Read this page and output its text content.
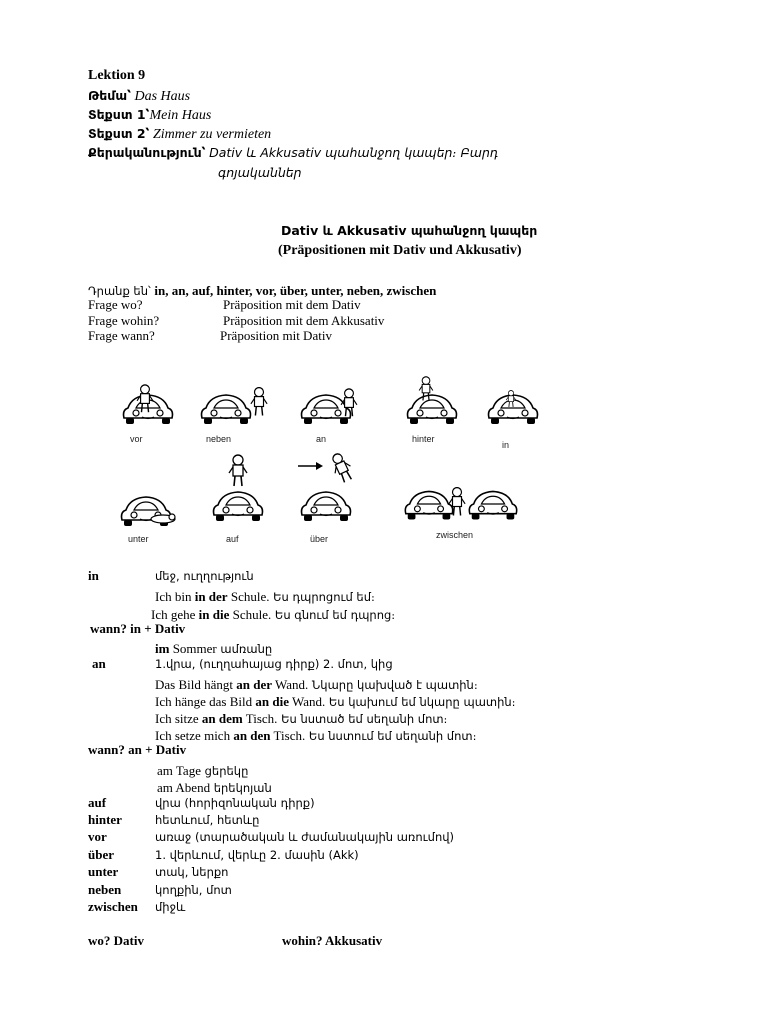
Lektion 9
Թեմա՝ Das Haus
Տեքստ 1՝Mein Haus
Տեքստ 2՝ Zimmer zu vermieten
Քերականություն՝ Dativ և Akkusativ պահանջող կապեր։ Բարդ
գոյականներ
Dativ և Akkusativ պահանջող կապեր
(Präpositionen mit Dativ und Akkusativ)
Դրանք են՝ in, an, auf, hinter, vor, über, unter, neben, zwischen
Frage wo?	Präposition mit dem Dativ
Frage wohin?	Präposition mit dem Akkusativ
Frage wann?	Präposition mit Dativ
vor	neben	an	hinter
in
unter	auf	über	zwischen
in	մեջ, ուղղություն
Ich bin in der Schule. Ես դպրոցում եմ։
Ich gehe in die Schule. Ես գնում եմ դպրոց։
wann? in + Dativ
im Sommer ամռանը
an	1.վրա, (ուղղահայաց դիրք) 2. մոտ, կից
Das Bild hängt an der Wand. Նկարը կախված է պատին։
Ich hänge das Bild an die Wand. Ես կախում եմ նկարը պատին։
Ich sitze an dem Tisch. Ես նստած եմ սեղանի մոտ։
Ich setze mich an den Tisch. Ես նստում եմ սեղանի մոտ։
wann? an + Dativ
am Tage ցերեկը
am Abend երեկոյան
auf	վրա (հորիզոնական դիրք)
hinter	հետևում, հետևը
vor	առաջ (տարածական և ժամանակային առումով)
über	1. վերևում, վերևը 2. մասին (Akk)
unter	տակ, ներքո
neben	կողքին, մոտ
zwischen միջև
wo? Dativ	wohin? Akkusativ
